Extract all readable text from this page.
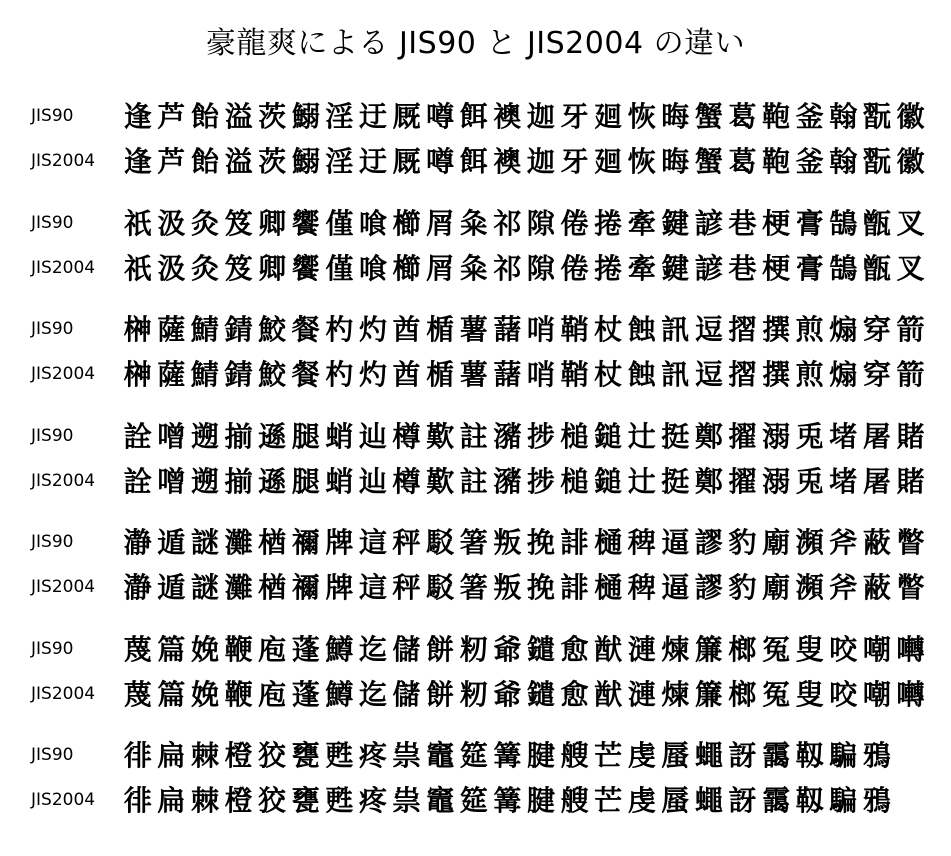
豪龍爽による JIS90 と JIS2004 の違い
JIS90	逢 芦 飴 溢 茨 鰯 淫 迂 厩 噂 餌 襖 迦 牙 廻 恢 晦 蟹 葛 鞄 釜 翰 翫 徽
JIS2004	逢 芦 飴 溢 茨 鰯 淫 迂 厩 噂 餌 襖 迦 牙 廻 恢 晦 蟹 葛 鞄 釜 翰 翫 徽
JIS90	祇 汲 灸 笈 卿 饗 僅 喰 櫛 屑 粂 祁 隙 倦 捲 牽 鍵 諺 巷 梗 膏 鵠 甑 叉
JIS2004	祇 汲 灸 笈 卿 饗 僅 喰 櫛 屑 粂 祁 隙 倦 捲 牽 鍵 諺 巷 梗 膏 鵠 甑 叉
JIS90	榊 薩 鯖 錆 鮫 餐 杓 灼 酋 楯 薯 藷 哨 鞘 杖 蝕 訊 逗 摺 撰 煎 煽 穿 箭
JIS2004	榊 薩 鯖 錆 鮫 餐 杓 灼 酋 楯 薯 藷 哨 鞘 杖 蝕 訊 逗 摺 撰 煎 煽 穿 箭
JIS90	詮 噌 遡 揃 遜 腿 蛸 辿 樽 歎 註 瀦 捗 槌 鎚 辻 挺 鄭 擢 溺 兎 堵 屠 賭
JIS2004	詮 噌 遡 揃 遜 腿 蛸 辿 樽 歎 註 瀦 捗 槌 鎚 辻 挺 鄭 擢 溺 兎 堵 屠 賭
JIS90	瀞 遁 謎 灘 楢 禰 牌 這 秤 駁 箸 叛 挽 誹 樋 稗 逼 謬 豹 廟 瀕 斧 蔽 瞥
JIS2004	瀞 遁 謎 灘 楢 禰 牌 這 秤 駁 箸 叛 挽 誹 樋 稗 逼 謬 豹 廟 瀕 斧 蔽 瞥
JIS90	蔑 篇 娩 鞭 庖 蓬 鱒 迄 儲 餅 籾 爺 鑓 愈 猷 漣 煉 簾 榔 冤 叟 咬 嘲 囀
JIS2004	蔑 篇 娩 鞭 庖 蓬 鱒 迄 儲 餅 籾 爺 鑓 愈 猷 漣 煉 簾 榔 冤 叟 咬 嘲 囀
JIS90	徘 扁 棘 橙 狡 甕 甦 疼 祟 竈 筵 篝 腱 艘 芒 虔 蜃 蠅 訝 靄 靱 騙 鴉
JIS2004	徘 扁 棘 橙 狡 甕 甦 疼 祟 竈 筵 篝 腱 艘 芒 虔 蜃 蠅 訝 靄 靱 騙 鴉
